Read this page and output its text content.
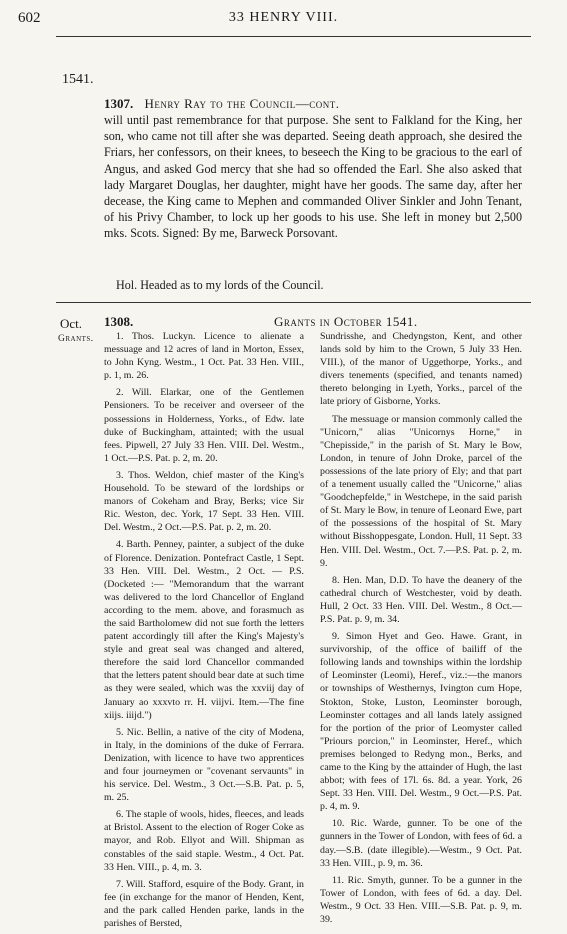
602	33 HENRY VIII.
1541.
1307. Henry Ray to the Council—cont.
will until past remembrance for that purpose. She sent to Falkland for the King, her son, who came not till after she was departed. Seeing death approach, she desired the Friars, her confessors, on their knees, to beseech the King to be gracious to the earl of Angus, and asked God mercy that she had so offended the Earl. She also asked that lady Margaret Douglas, her daughter, might have her goods. The same day, after her decease, the King came to Mephen and commanded Oliver Sinkler and John Tenant, of his Privy Chamber, to lock up her goods to his use. She left in money but 2,500 mks. Scots. Signed: By me, Barweck Porsovant.
Hol. Headed as to my lords of the Council.
Oct.
Grants.
1308.	Grants in October 1541.

1. Thos. Luckyn. Licence to alienate a messuage and 12 acres of land in Morton, Essex, to John Kyng. Westm., 1 Oct. Pat. 33 Hen. VIII., p. 1, m. 26.

2. Will. Elarkar, one of the Gentlemen Pensioners. To be receiver and overseer of the possessions in Holderness, Yorks., of Edw. late duke of Buckingham, attainted; with the usual fees. Pipwell, 27 July 33 Hen. VIII. Del. Westm., 1 Oct.—P.S. Pat. p. 2, m. 20.

3. Thos. Weldon, chief master of the King's Household. To be steward of the lordships or manors of Cokeham and Bray, Berks; vice Sir Ric. Weston, dec. York, 17 Sept. 33 Hen. VIII. Del. Westm., 2 Oct.—P.S. Pat. p. 2, m. 20.

4. Barth. Penney, painter, a subject of the duke of Florence. Denization. Pontefract Castle, 1 Sept. 33 Hen. VIII. Del. Westm., 2 Oct. — P.S. (Docketed :— "Memorandum that the warrant was delivered to the lord Chancellor of England according to the mem. above, and forasmuch as the said Bartholomew did not sue forth the letters patent accordingly till after the King's Majesty's style and great seal was changed and altered, therefore the said lord Chancellor commanded that the letters patent should bear date at such time as they were sealed, which was the xxviij day of January ao xxxvto rr. H. viijvi. Item.—The fine xiijs. iiijd.")

5. Nic. Bellin, a native of the city of Modena, in Italy, in the dominions of the duke of Ferrara. Denization, with licence to have two apprentices and four journeymen or "covenant servaunts" in his service. Del. Westm., 3 Oct.—S.B. Pat. p. 5, m. 25.

6. The staple of wools, hides, fleeces, and leads at Bristol. Assent to the election of Roger Coke as mayor, and Rob. Ellyot and Will. Shipman as constables of the said staple. Westm., 4 Oct. Pat. 33 Hen. VIII., p. 4, m. 3.

7. Will. Stafford, esquire of the Body. Grant, in fee (in exchange for the manor of Henden, Kent, and the park called Henden parke, lands in the parishes of Bersted,

Sundrisshe, and Chedyngston, Kent, and other lands sold by him to the Crown, 5 July 33 Hen. VIII.), of the manor of Uggethorpe, Yorks., and divers tenements (specified, and tenants named) thereto belonging in Lyeth, Yorks., parcel of the late priory of Gisborne, Yorks.

The messuage or mansion commonly called the "Unicorn," alias "Unicornys Horne," in "Chepisside," in the parish of St. Mary le Bow, London, in tenure of John Droke, parcel of the possessions of the late priory of Ely; and that part of a tenement usually called the "Unicorne," alias "Goodchepfelde," in Westchepe, in the said parish of St. Mary le Bow, in tenure of Leonard Ewe, part of the possessions of the hospital of St. Mary without Bisshoppesgate, London. Hull, 11 Sept. 33 Hen. VIII. Del. Westm., Oct. 7.—P.S. Pat. p. 2, m. 9.

8. Hen. Man, D.D. To have the deanery of the cathedral church of Westchester, void by death. Hull, 2 Oct. 33 Hen. VIII. Del. Westm., 8 Oct.—P.S. Pat. p. 9, m. 34.

9. Simon Hyet and Geo. Hawe. Grant, in survivorship, of the office of bailiff of the following lands and townships within the lordship of Leominster (Leomi), Heref., viz.:—the manors or townships of Westhernys, Ivington cum Hope, Stokton, Stoke, Luston, Leominster borough, Leominster cottages and all lands lately assigned for the portion of the prior of Leomyster called "Priours porcion," in Leominster, Heref., which premises belonged to Redyng mon., Berks, and came to the King by the attainder of Hugh, the last abbot; with fees of 17l. 6s. 8d. a year. York, 26 Sept. 33 Hen. VIII. Del. Westm., 9 Oct.—P.S. Pat. p. 4, m. 9.

10. Ric. Warde, gunner. To be one of the gunners in the Tower of London, with fees of 6d. a day.—S.B. (date illegible).—Westm., 9 Oct. Pat. 33 Hen. VIII., p. 9, m. 36.

11. Ric. Smyth, gunner. To be a gunner in the Tower of London, with fees of 6d. a day. Del. Westm., 9 Oct. 33 Hen. VIII.—S.B. Pat. p. 9, m. 39.
